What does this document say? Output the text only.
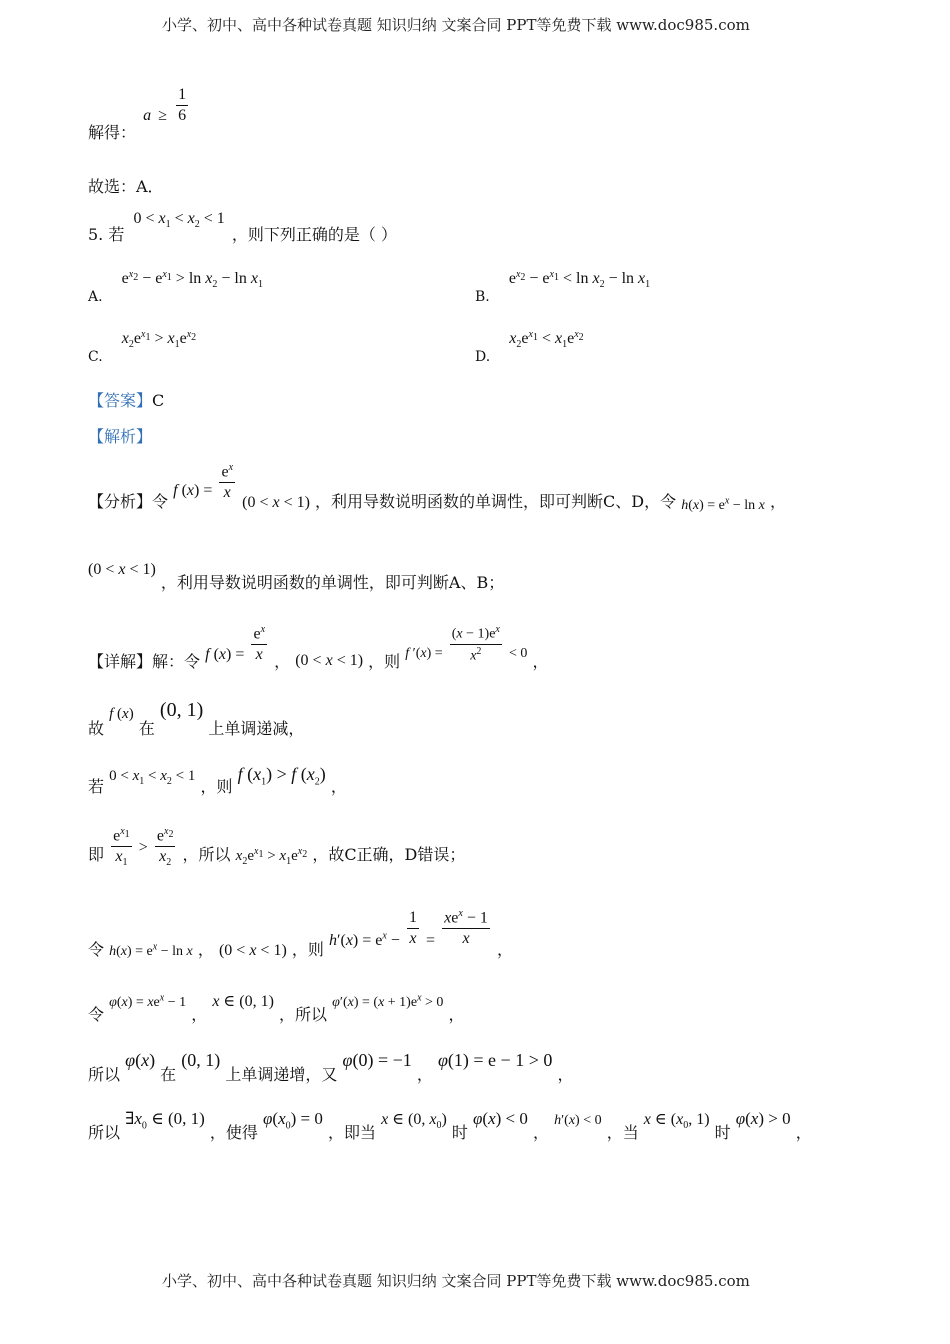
小学、初中、高中各种试卷真题 知识归纳 文案合同 PPT等免费下载 www.doc985.com
小学、初中、高中各种试卷真题 知识归纳 文案合同 PPT等免费下载 www.doc985.com
解得： $a \ge \frac{1}{6}$
故选：A．
5. 若 $0 < x_1 < x_2 < 1$ ，则下列正确的是（ ）
A. $e^{x_2} - e^{x_1} > \ln x_2 - \ln x_1$
B. $e^{x_2} - e^{x_1} < \ln x_2 - \ln x_1$
C. $x_2e^{x_1} > x_1e^{x_2}$
D. $x_2e^{x_1} < x_1e^{x_2}$
【答案】C
【解析】
【分析】令 f $(x) = \frac{e^x}{x} (0 < x < 1)$ ，利用导数说明函数的单调性，即可判断C、D，令 $h(x) = e^x - \ln x$ ，
(0 < x < 1) ，利用导数说明函数的单调性，即可判断A、B；
【详解】解：令 f $(x) = \frac{e^x}{x}$ ， (0 < x < 1) ，则 f $'(x) = \frac{(x - 1)e^x}{x^2} < 0$ ，
故 f (x) 在 (0, 1) 上单调递减，
若 $0 < x_1 < x_2 < 1$ ，则 f $(x_1) > f$ $(x_2)$ ，
即 $\frac{e^{x_1}}{x_1} > \frac{e^{x_2}}{x_2}$ ，所以 $x_2e^{x_1} > x_1e^{x_2}$ ，故C正确，D错误；
令 $h(x) = e^x - \ln x$ ， (0 < x < 1) ，则 $h'(x) = e^x - \frac{1}{x} = \frac{xe^x - 1}{x}$
，
令 $\varphi(x) = xe^x - 1$ ， x ∈ (0, 1) ，所以 $\varphi'(x) = (x + 1)e^x > 0$ ，
所以 φ(x) 在 (0, 1) 上单调递增，又 φ(0) = −1 ， φ(1) = e − 1 > 0 ，
所以 $\exists x_0$ ∈ (0, 1) ，使得 $\varphi(x_0) = 0$ ，即当 x ∈ (0, $x_0$) 时 φ(x) < 0 ， h′(x) < 0 ，当 x ∈ ($x_0$, 1) 时 φ(x) > 0 ，
